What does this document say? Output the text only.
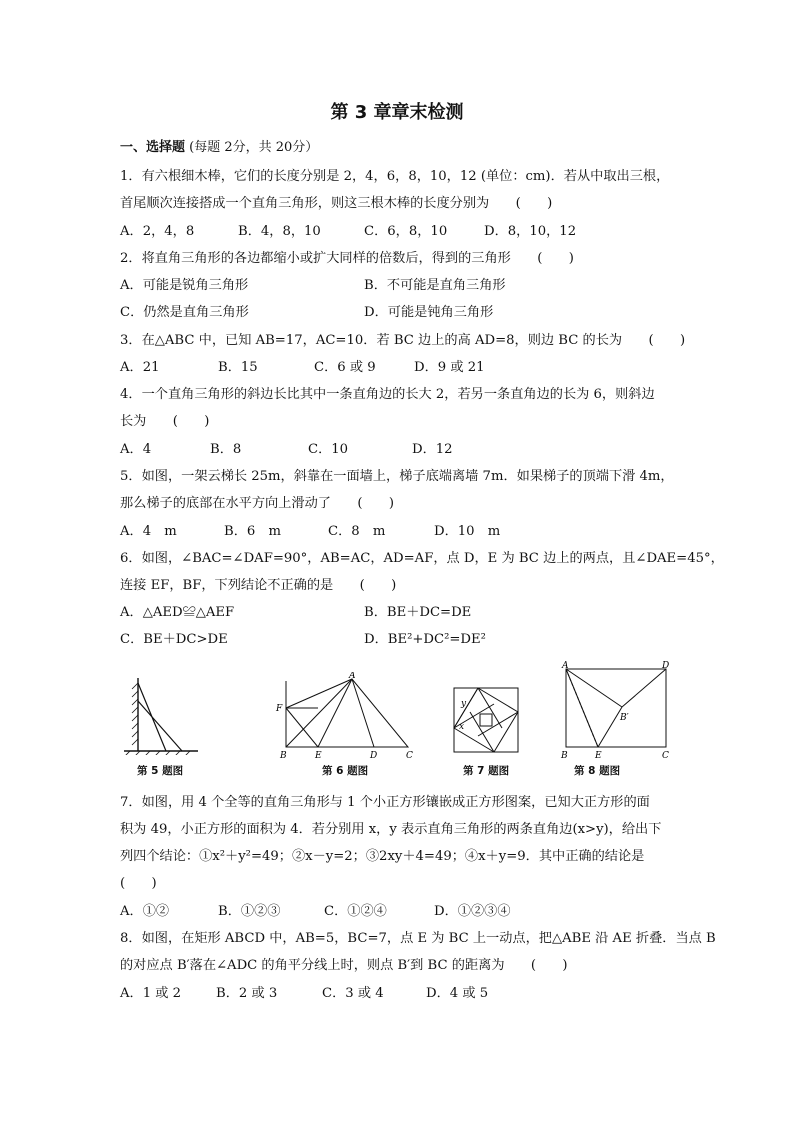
第 3 章章末检测
一、选择题 (每题 2分，共 20分）
1．有六根细木棒，它们的长度分别是 2，4，6，8，10，12 (单位：cm)．若从中取出三根，
首尾顺次连接搭成一个直角三角形，则这三根木棒的长度分别为　　(　　)
A．2，4，8	B．4，8，10	C．6，8，10	D．8，10，12
2．将直角三角形的各边都缩小或扩大同样的倍数后，得到的三角形　　(　　)
A．可能是锐角三角形	B．不可能是直角三角形
C．仍然是直角三角形	D．可能是钝角三角形
3．在△ABC 中，已知 AB=17，AC=10．若 BC 边上的高 AD=8，则边 BC 的长为　　(　　)
A．21	B．15	C．6 或 9	D．9 或 21
4．一个直角三角形的斜边长比其中一条直角边的长大 2，若另一条直角边的长为 6，则斜边
长为　　(　　)
A．4	B．8	C．10	D．12
5．如图，一架云梯长 25m，斜靠在一面墙上，梯子底端离墙 7m．如果梯子的顶端下滑 4m，
那么梯子的底部在水平方向上滑动了　　(　　)
A．4　m	B．6　m	C．8　m	D．10　m
6．如图，∠BAC=∠DAF=90°，AB=AC，AD=AF，点 D，E 为 BC 边上的两点，且∠DAE=45°，
连接 EF，BF，下列结论不正确的是　　(　　)
A．△AED≌△AEF	B．BE＋DC=DE
C．BE＋DC>DE	D．BE²+DC²=DE²
第 5 题图
A
F
B	E	D	C
第 6 题图
y
x
第 7 题图
A	D
B′
B	E	C
第 8 题图
7．如图，用 4 个全等的直角三角形与 1 个小正方形镶嵌成正方形图案，已知大正方形的面
积为 49，小正方形的面积为 4．若分别用 x，y 表示直角三角形的两条直角边(x>y)，给出下
列四个结论：①x²＋y²=49；②x－y=2；③2xy＋4=49；④x＋y=9．其中正确的结论是
(　　)
A．①②	B．①②③	C．①②④	D．①②③④
8．如图，在矩形 ABCD 中，AB=5，BC=7，点 E 为 BC 上一动点，把△ABE 沿 AE 折叠．当点 B
的对应点 B′落在∠ADC 的角平分线上时，则点 B′到 BC 的距离为　　(　　)
A．1 或 2	B．2 或 3	C．3 或 4	D．4 或 5
